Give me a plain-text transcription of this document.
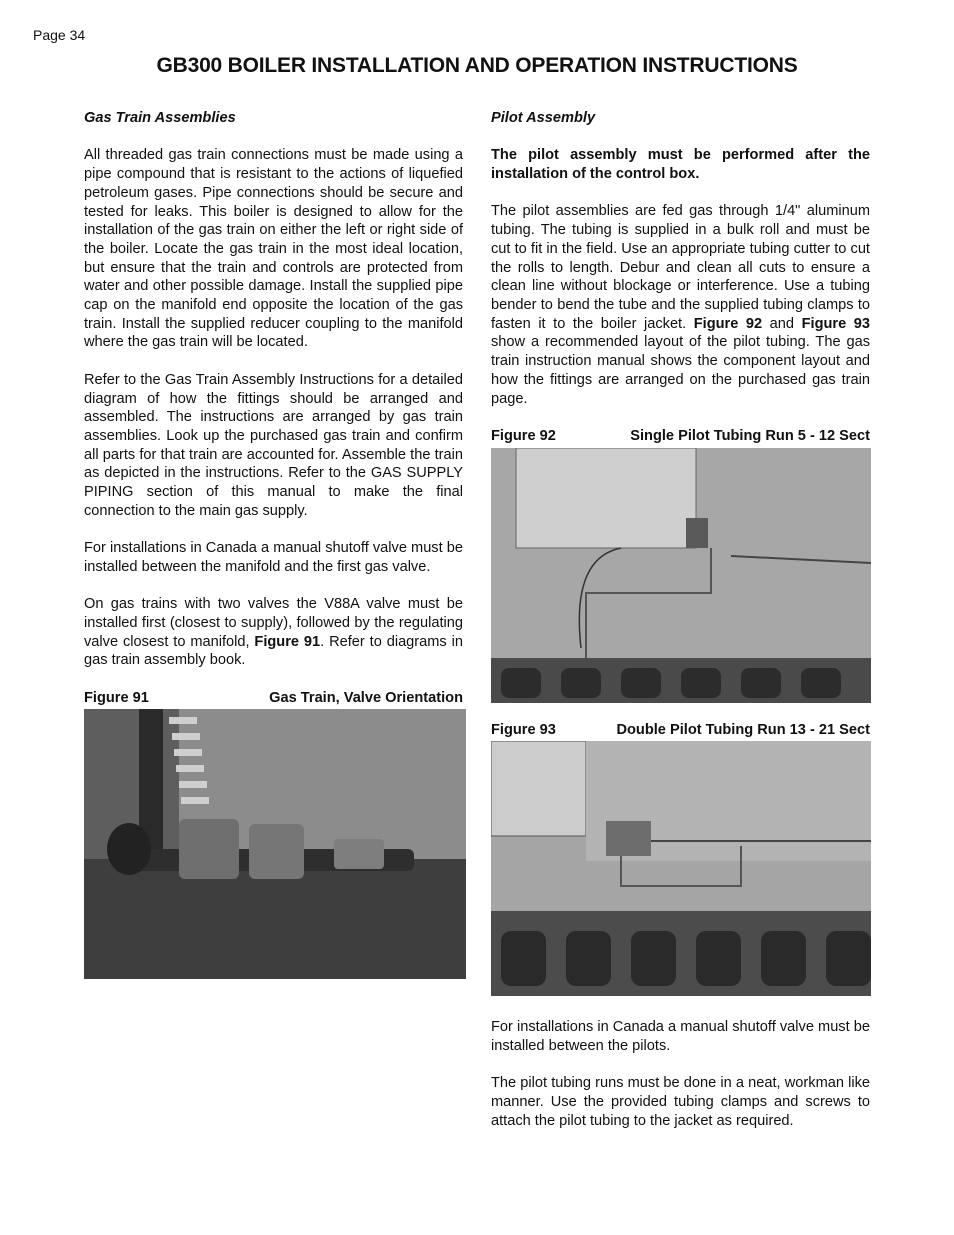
Page 34
GB300 BOILER INSTALLATION AND OPERATION INSTRUCTIONS

Gas Train Assemblies

All threaded gas train connections must be made using a pipe compound that is resistant to the actions of liquefied petroleum gases. Pipe connections should be secure and tested for leaks. This boiler is designed to allow for the installation of the gas train on either the left or right side of the boiler. Locate the gas train in the most ideal location, but ensure that the train and controls are protected from water and other possible damage. Install the supplied pipe cap on the manifold end opposite the location of the gas train. Install the supplied reducer coupling to the manifold where the gas train will be located.

Refer to the Gas Train Assembly Instructions for a detailed diagram of how the fittings should be arranged and assembled. The instructions are arranged by gas train assemblies. Look up the purchased gas train and confirm all parts for that train are accounted for. Assemble the train as depicted in the instructions. Refer to the GAS SUPPLY PIPING section of this manual to make the final connection to the main gas supply.

For installations in Canada a manual shutoff valve must be installed between the manifold and the first gas valve.

On gas trains with two valves the V88A valve must be installed first (closest to supply), followed by the regulating valve closest to manifold, Figure 91. Refer to diagrams in gas train assembly book.

Figure 91	Gas Train, Valve Orientation

Pilot Assembly

The pilot assembly must be performed after the installation of the control box.

The pilot assemblies are fed gas through 1/4" aluminum tubing. The tubing is supplied in a bulk roll and must be cut to fit in the field. Use an appropriate tubing cutter to cut the rolls to length. Debur and clean all cuts to ensure a clean line without blockage or interference. Use a tubing bender to bend the tube and the supplied tubing clamps to fasten it to the boiler jacket. Figure 92 and Figure 93 show a recommended layout of the pilot tubing. The gas train instruction manual shows the component layout and how the fittings are arranged on the purchased gas train page.

Figure 92	Single Pilot Tubing Run 5 - 12 Sect
Figure 93	Double Pilot Tubing Run 13 - 21 Sect

For installations in Canada a manual shutoff valve must be installed between the pilots.

The pilot tubing runs must be done in a neat, workman like manner. Use the provided tubing clamps and screws to attach the pilot tubing to the jacket as required.
